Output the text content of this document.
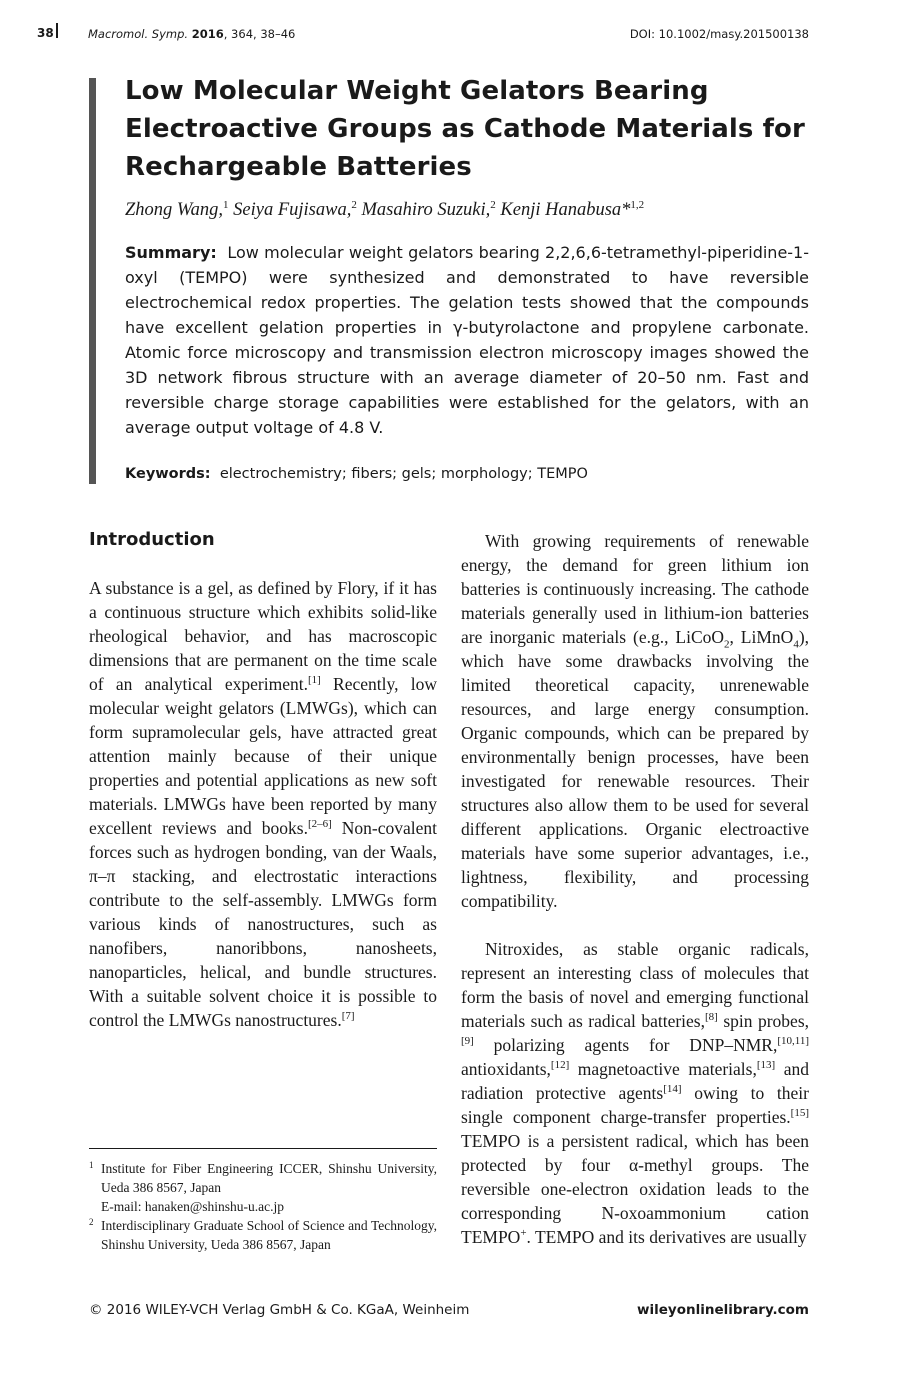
38	Macromol. Symp. 2016, 364, 38–46	DOI: 10.1002/masy.201500138
Low Molecular Weight Gelators Bearing Electroactive Groups as Cathode Materials for Rechargeable Batteries
Zhong Wang,$^1$ Seiya Fujisawa,$^2$ Masahiro Suzuki,$^2$ Kenji Hanabusa*$^{1,2}$

Summary: Low molecular weight gelators bearing 2,2,6,6-tetramethyl-piperidine-1-oxyl (TEMPO) were synthesized and demonstrated to have reversible electrochemical redox properties. The gelation tests showed that the compounds have excellent gelation properties in γ-butyrolactone and propylene carbonate. Atomic force microscopy and transmission electron microscopy images showed the 3D network fibrous structure with an average diameter of 20–50 nm. Fast and reversible charge storage capabilities were established for the gelators, with an average output voltage of 4.8 V.

Keywords: electrochemistry; fibers; gels; morphology; TEMPO
Introduction

A substance is a gel, as defined by Flory, if it has a continuous structure which exhibits solid-like rheological behavior, and has macroscopic dimensions that are permanent on the time scale of an analytical experiment.[1] Recently, low molecular weight gelators (LMWGs), which can form supramolecular gels, have attracted great attention mainly because of their unique properties and potential applications as new soft materials. LMWGs have been reported by many excellent reviews and books.[2–6] Non-covalent forces such as hydrogen bonding, van der Waals, π–π stacking, and electrostatic interactions contribute to the self-assembly. LMWGs form various kinds of nanostructures, such as nanofibers, nanoribbons, nanosheets, nanoparticles, helical, and bundle structures. With a suitable solvent choice it is possible to control the LMWGs nanostructures.[7]

With growing requirements of renewable energy, the demand for green lithium ion batteries is continuously increasing. The cathode materials generally used in lithium-ion batteries are inorganic materials (e.g., LiCoO$_2$, LiMnO$_4$), which have some drawbacks involving the limited theoretical capacity, unrenewable resources, and large energy consumption. Organic compounds, which can be prepared by environmentally benign processes, have been investigated for renewable resources. Their structures also allow them to be used for several different applications. Organic electroactive materials have some superior advantages, i.e., lightness, flexibility, and processing compatibility.

Nitroxides, as stable organic radicals, represent an interesting class of molecules that form the basis of novel and emerging functional materials such as radical batteries,[8] spin probes,[9] polarizing agents for DNP–NMR,[10,11] antioxidants,[12] magnetoactive materials,[13] and radiation protective agents[14] owing to their single component charge-transfer properties.[15] TEMPO is a persistent radical, which has been protected by four α-methyl groups. The reversible one-electron oxidation leads to the corresponding N-oxoammonium cation TEMPO+. TEMPO and its derivatives are usually

1 Institute for Fiber Engineering ICCER, Shinshu University, Ueda 386 8567, Japan
E-mail: hanaken@shinshu-u.ac.jp
2 Interdisciplinary Graduate School of Science and Technology, Shinshu University, Ueda 386 8567, Japan
© 2016 WILEY-VCH Verlag GmbH & Co. KGaA, Weinheim	wileyonlinelibrary.com
